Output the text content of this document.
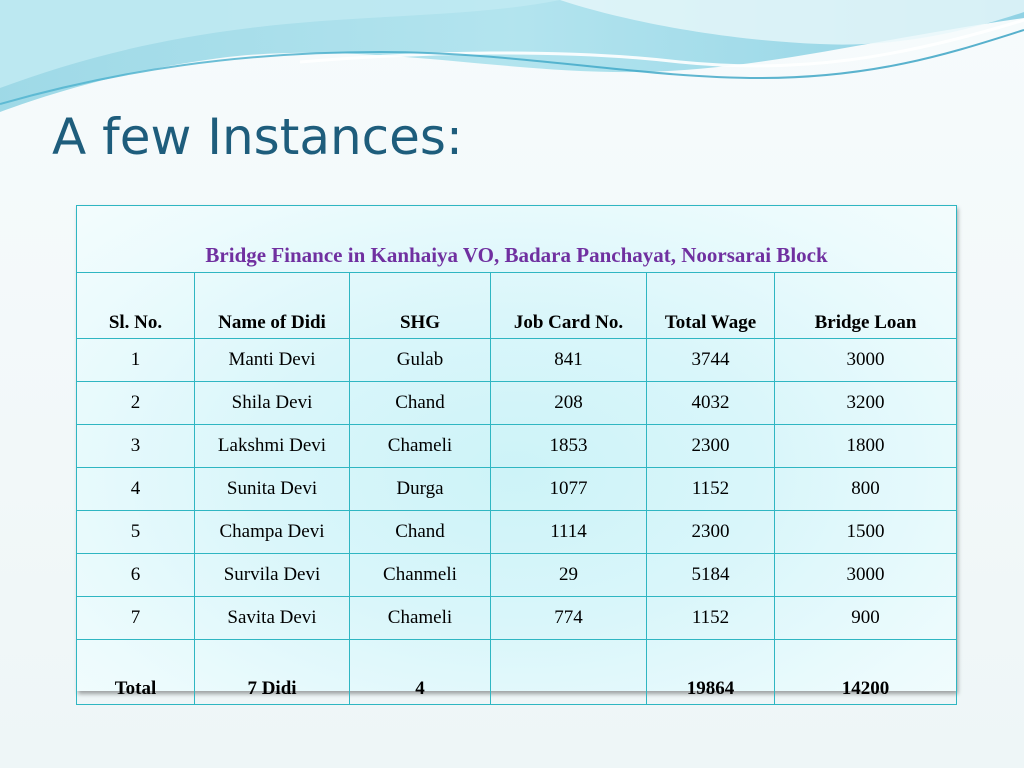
A few Instances:
Bridge Finance in Kanhaiya VO, Badara Panchayat, Noorsarai Block					
Sl. No.	Name of Didi	SHG	Job Card No.	Total Wage	Bridge Loan
1	Manti Devi	Gulab	841	3744	3000
2	Shila Devi	Chand	208	4032	3200
3	Lakshmi Devi	Chameli	1853	2300	1800
4	Sunita Devi	Durga	1077	1152	800
5	Champa Devi	Chand	1114	2300	1500
6	Survila Devi	Chanmeli	29	5184	3000
7	Savita Devi	Chameli	774	1152	900
Total	7 Didi	4		19864	14200
